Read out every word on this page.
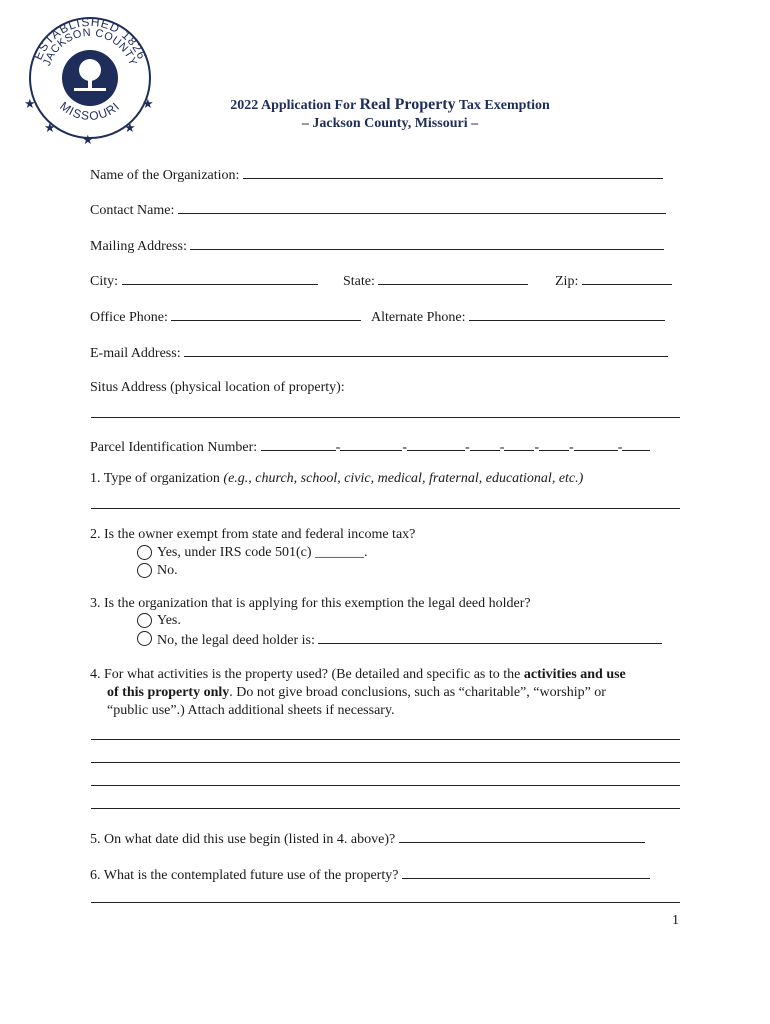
ESTABLISHED 1826
JACKSON COUNTY
MISSOURI
★	★
★	★
★
2022 Application For Real Property Tax Exemption
– Jackson County, Missouri –
Name of the Organization:
Contact Name:
Mailing Address:
City:	State:	Zip:
Office Phone:	Alternate Phone:
E-mail Address:
Situs Address (physical location of property):
Parcel Identification Number:	-	-	- - - -	-
1. Type of organization (e.g., church, school, civic, medical, fraternal, educational, etc.)
2. Is the owner exempt from state and federal income tax?
Yes, under IRS code 501(c) _______.
No.
3. Is the organization that is applying for this exemption the legal deed holder?
Yes.
No, the legal deed holder is:
4. For what activities is the property used? (Be detailed and specific as to the activities and use
of this property only. Do not give broad conclusions, such as “charitable”, “worship” or
“public use”.) Attach additional sheets if necessary.
5. On what date did this use begin (listed in 4. above)?
6. What is the contemplated future use of the property?
1
